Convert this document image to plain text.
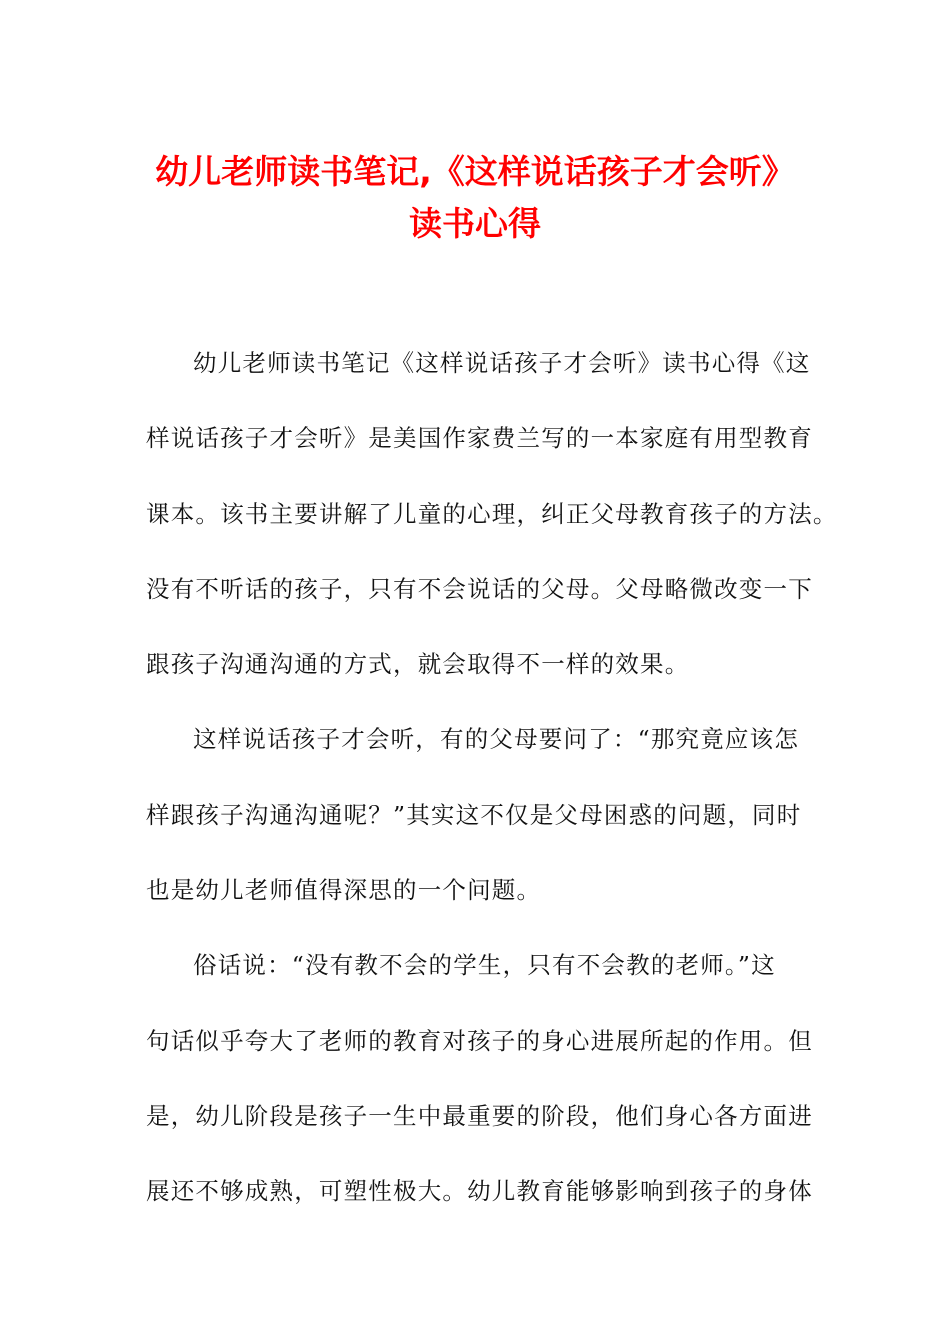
幼儿老师读书笔记,《这样说话孩子才会听》
读书心得
幼儿老师读书笔记《这样说话孩子才会听》读书心得《这
样说话孩子才会听》是美国作家费兰写的一本家庭有用型教育
课本。该书主要讲解了儿童的心理，纠正父母教育孩子的方法。
没有不听话的孩子，只有不会说话的父母。父母略微改变一下
跟孩子沟通沟通的方式，就会取得不一样的效果。
这样说话孩子才会听，有的父母要问了：“那究竟应该怎
样跟孩子沟通沟通呢？”其实这不仅是父母困惑的问题，同时
也是幼儿老师值得深思的一个问题。
俗话说：“没有教不会的学生，只有不会教的老师。”这
句话似乎夸大了老师的教育对孩子的身心进展所起的作用。但
是，幼儿阶段是孩子一生中最重要的阶段，他们身心各方面进
展还不够成熟，可塑性极大。幼儿教育能够影响到孩子的身体
